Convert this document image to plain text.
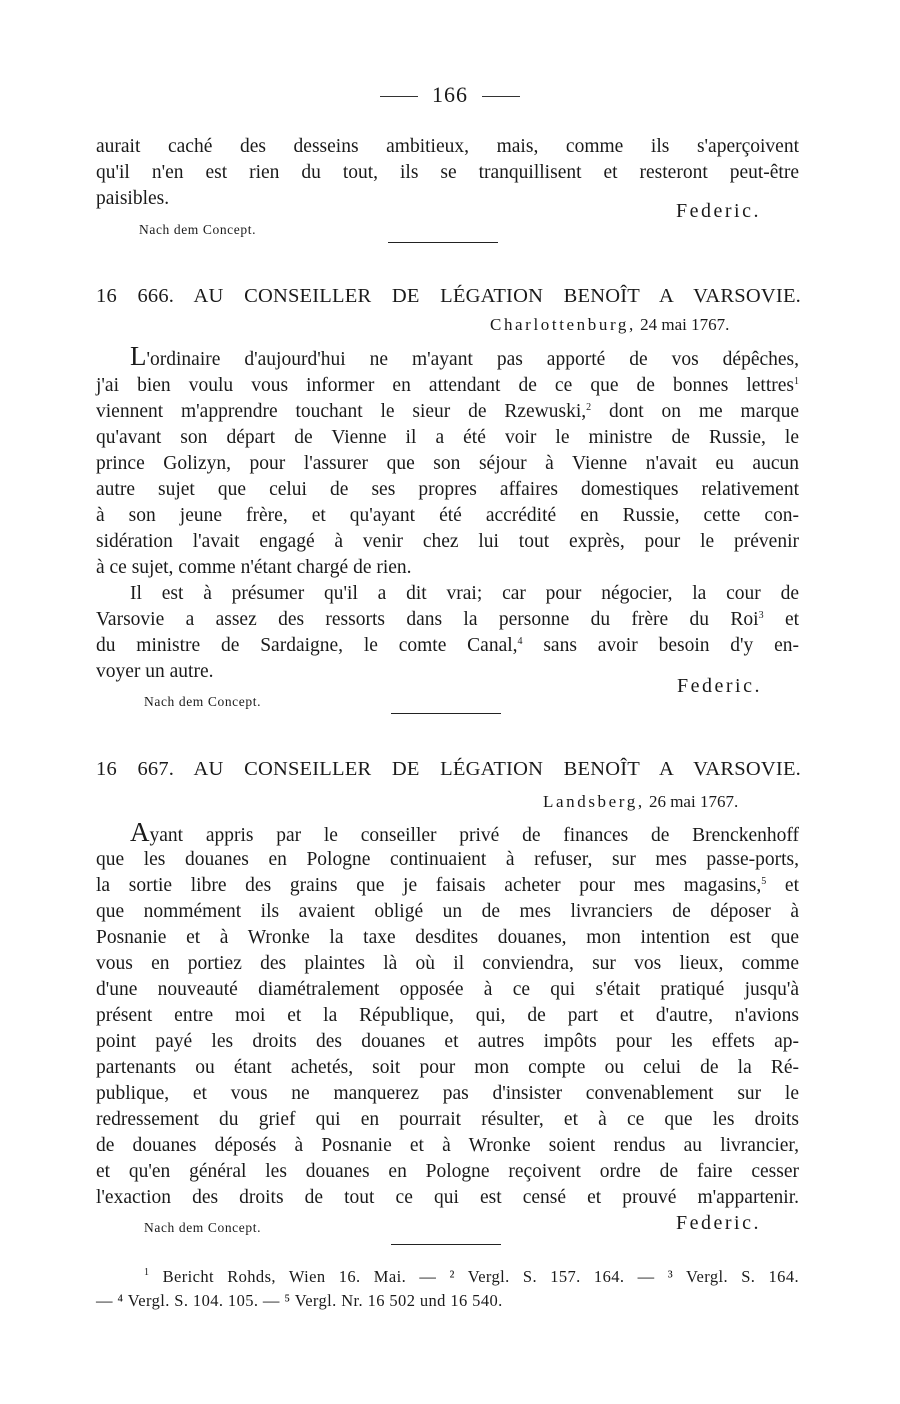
166
aurait caché des desseins ambitieux, mais, comme ils s'aperçoivent
qu'il n'en est rien du tout, ils se tranquillisent et resteront peut-être
paisibles.
Federic.
Nach dem Concept.
16 666. AU CONSEILLER DE LÉGATION BENOÎT A VARSOVIE.
Charlottenburg, 24 mai 1767.
L'ordinaire d'aujourd'hui ne m'ayant pas apporté de vos dépêches,
j'ai bien voulu vous informer en attendant de ce que de bonnes lettres$^1$
viennent m'apprendre touchant le sieur de Rzewuski,$^2$ dont on me marque
qu'avant son départ de Vienne il a été voir le ministre de Russie, le
prince Golizyn, pour l'assurer que son séjour à Vienne n'avait eu aucun
autre sujet que celui de ses propres affaires domestiques relativement
à son jeune frère, et qu'ayant été accrédité en Russie, cette con-
sidération l'avait engagé à venir chez lui tout exprès, pour le prévenir
à ce sujet, comme n'étant chargé de rien.
Il est à présumer qu'il a dit vrai; car pour négocier, la cour de
Varsovie a assez des ressorts dans la personne du frère du Roi$^3$ et
du ministre de Sardaigne, le comte Canal,$^4$ sans avoir besoin d'y en-
voyer un autre.
Federic.
Nach dem Concept.
16 667. AU CONSEILLER DE LÉGATION BENOÎT A VARSOVIE.
Landsberg, 26 mai 1767.
Ayant appris par le conseiller privé de finances de Brenckenhoff
que les douanes en Pologne continuaient à refuser, sur mes passe-ports,
la sortie libre des grains que je faisais acheter pour mes magasins,$^5$ et
que nommément ils avaient obligé un de mes livranciers de déposer à
Posnanie et à Wronke la taxe desdites douanes, mon intention est que
vous en portiez des plaintes là où il conviendra, sur vos lieux, comme
d'une nouveauté diamétralement opposée à ce qui s'était pratiqué jusqu'à
présent entre moi et la République, qui, de part et d'autre, n'avions
point payé les droits des douanes et autres impôts pour les effets ap-
partenants ou étant achetés, soit pour mon compte ou celui de la Ré-
publique, et vous ne manquerez pas d'insister convenablement sur le
redressement du grief qui en pourrait résulter, et à ce que les droits
de douanes déposés à Posnanie et à Wronke soient rendus au livrancier,
et qu'en général les douanes en Pologne reçoivent ordre de faire cesser
l'exaction des droits de tout ce qui est censé et prouvé m'appartenir.
Nach dem Concept.	Federic.
$^1$ Bericht Rohds, Wien 16. Mai. — ² Vergl. S. 157. 164. — ³ Vergl. S. 164.
— ⁴ Vergl. S. 104. 105. — ⁵ Vergl. Nr. 16 502 und 16 540.
